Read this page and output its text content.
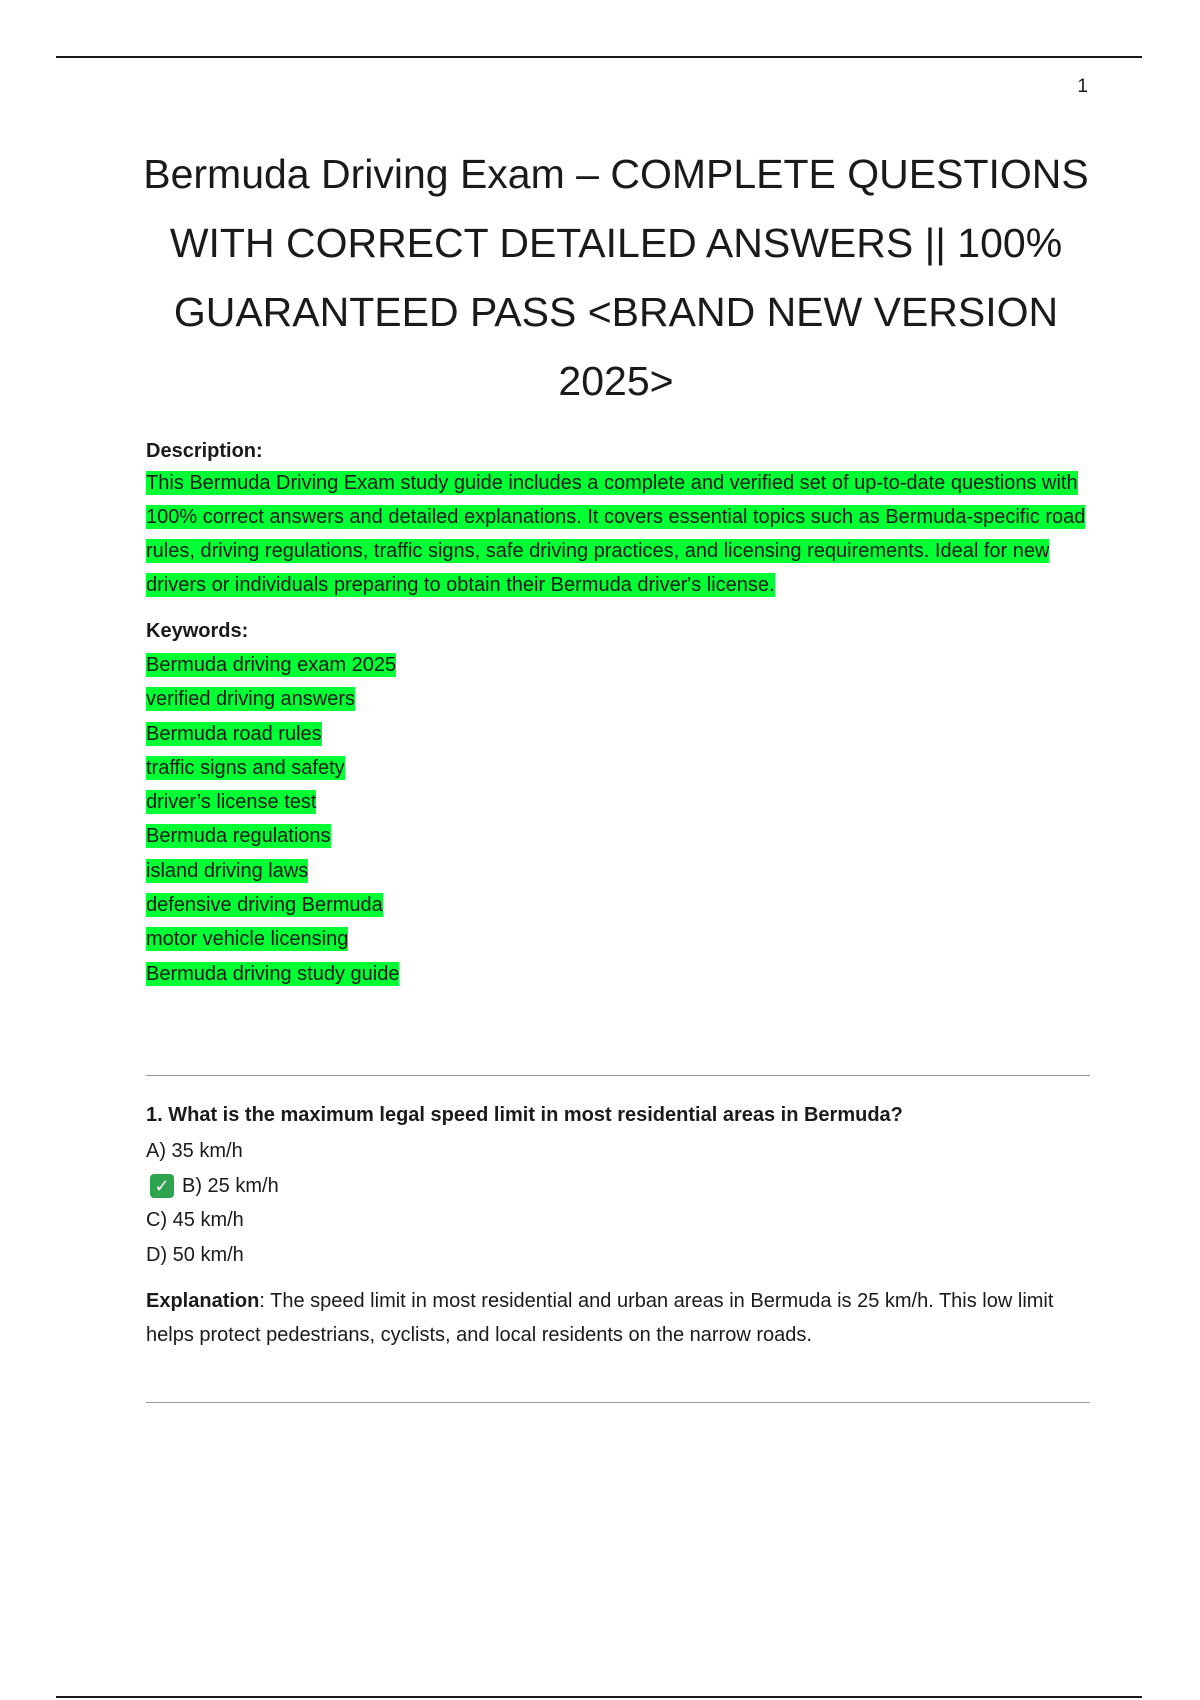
1
Bermuda Driving Exam – COMPLETE QUESTIONS WITH CORRECT DETAILED ANSWERS || 100% GUARANTEED PASS <BRAND NEW VERSION 2025>

Description:

This Bermuda Driving Exam study guide includes a complete and verified set of up-to-date questions with 100% correct answers and detailed explanations. It covers essential topics such as Bermuda-specific road rules, driving regulations, traffic signs, safe driving practices, and licensing requirements. Ideal for new drivers or individuals preparing to obtain their Bermuda driver's license.

Keywords:

Bermuda driving exam 2025
verified driving answers
Bermuda road rules
traffic signs and safety
driver’s license test
Bermuda regulations
island driving laws
defensive driving Bermuda
motor vehicle licensing
Bermuda driving study guide

1. What is the maximum legal speed limit in most residential areas in Bermuda?

A) 35 km/h
✓ B) 25 km/h
C) 45 km/h
D) 50 km/h

Explanation: The speed limit in most residential and urban areas in Bermuda is 25 km/h. This low limit helps protect pedestrians, cyclists, and local residents on the narrow roads.
